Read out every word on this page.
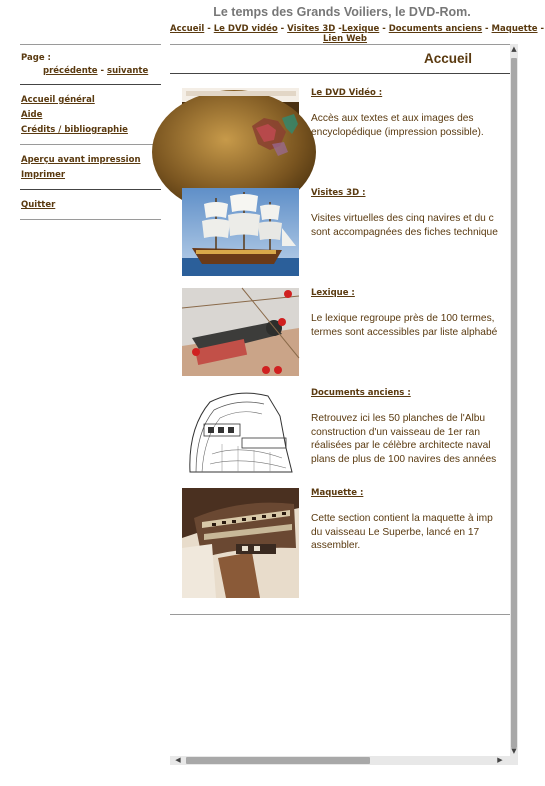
Le temps des Grands Voiliers, le DVD-Rom.
Accueil - Le DVD vidéo - Visites 3D -Lexique - Documents anciens - Maquette -
Lien Web
Page :
précédente - suivante
Accueil général
Aide
Crédits / bibliographie
Aperçu avant impression
Imprimer
Quitter
Accueil
Le DVD Vidéo :
Accès aux textes et aux images des
encyclopédique (impression possible).
Visites 3D :
Visites virtuelles des cinq navires et du c
sont accompagnées des fiches technique
Lexique :
Le lexique regroupe près de 100 termes,
termes sont accessibles par liste alphabé
Documents anciens :
Retrouvez ici les 50 planches de l'Albu
construction d'un vaisseau de 1er ran
réalisées par le célèbre architecte naval
plans de plus de 100 navires des années
Maquette :
Cette section contient la maquette à imp
du vaisseau Le Superbe, lancé en 17
assembler.
▲
▼
◀	▶
